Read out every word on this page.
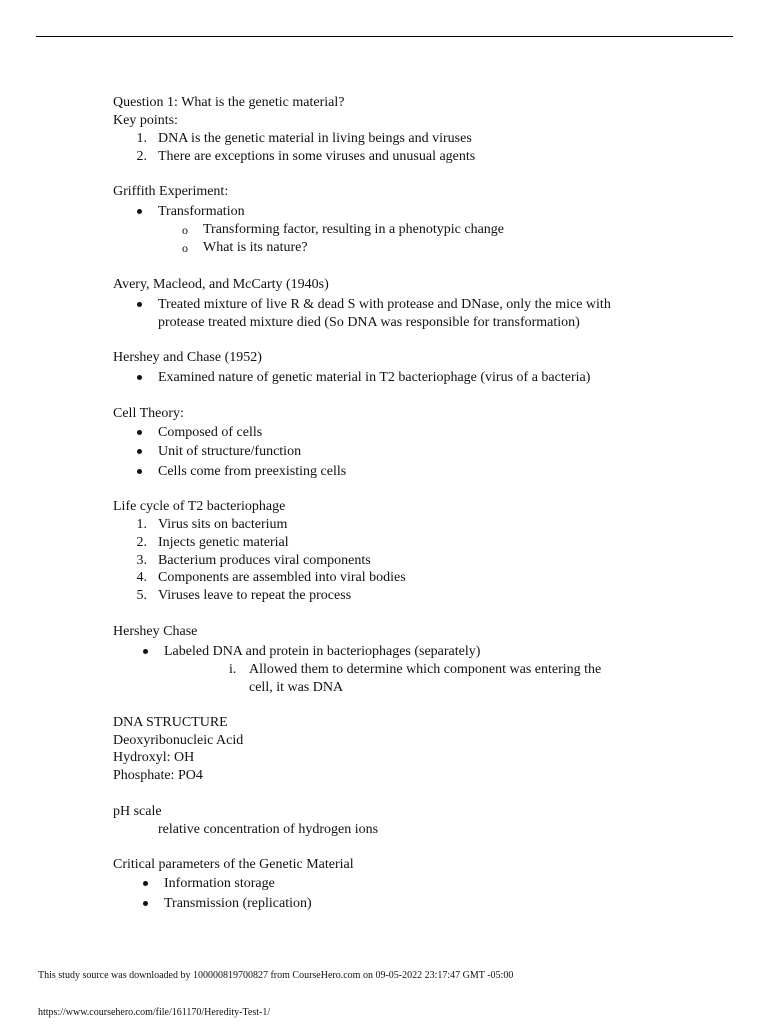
Question 1: What is the genetic material?
Key points:
1. DNA is the genetic material in living beings and viruses
2. There are exceptions in some viruses and unusual agents
Griffith Experiment:
Transformation
o Transforming factor, resulting in a phenotypic change
o What is its nature?
Avery, Macleod, and McCarty (1940s)
Treated mixture of live R & dead S with protease and DNase, only the mice with
protease treated mixture died (So DNA was responsible for transformation)
Hershey and Chase (1952)
Examined nature of genetic material in T2 bacteriophage (virus of a bacteria)
Cell Theory:
Composed of cells
Unit of structure/function
Cells come from preexisting cells
Life cycle of T2 bacteriophage
1. Virus sits on bacterium
2. Injects genetic material
3. Bacterium produces viral components
4. Components are assembled into viral bodies
5. Viruses leave to repeat the process
Hershey Chase
Labeled DNA and protein in bacteriophages (separately)
i. Allowed them to determine which component was entering the
cell, it was DNA
DNA STRUCTURE
Deoxyribonucleic Acid
Hydroxyl: OH
Phosphate: PO4
pH scale
relative concentration of hydrogen ions
Critical parameters of the Genetic Material
Information storage
Transmission (replication)
This study source was downloaded by 100000819700827 from CourseHero.com on 09-05-2022 23:17:47 GMT -05:00
https://www.coursehero.com/file/161170/Heredity-Test-1/
